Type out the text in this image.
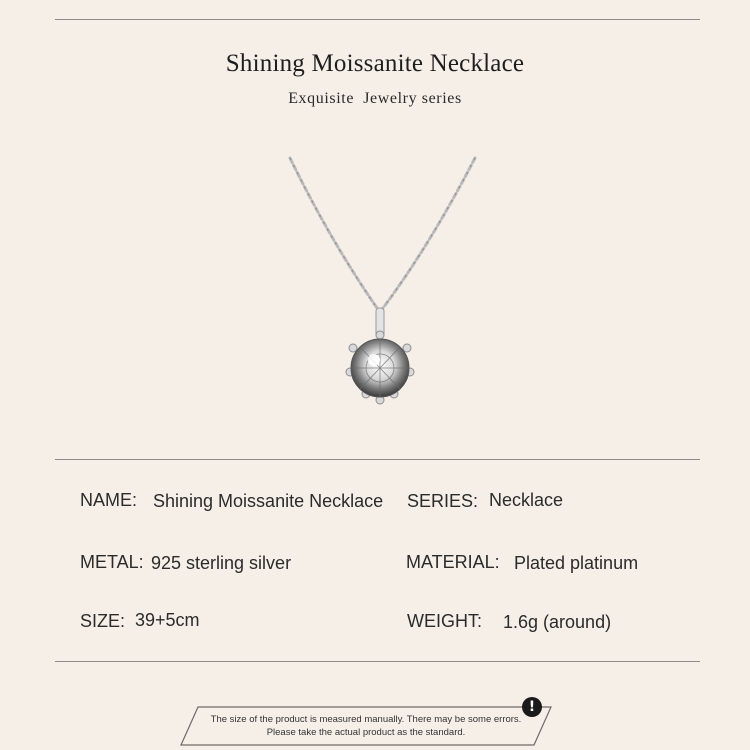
Shining Moissanite Necklace
Exquisite  Jewelry series
NAME: Shining Moissanite Necklace SERIES: Necklace
METAL: 925 sterling silver	MATERIAL: Plated platinum
SIZE: 39+5cm	WEIGHT: 1.6g (around)
The size of the product is measured manually. There may be some errors.
Please take the actual product as the standard.
!
